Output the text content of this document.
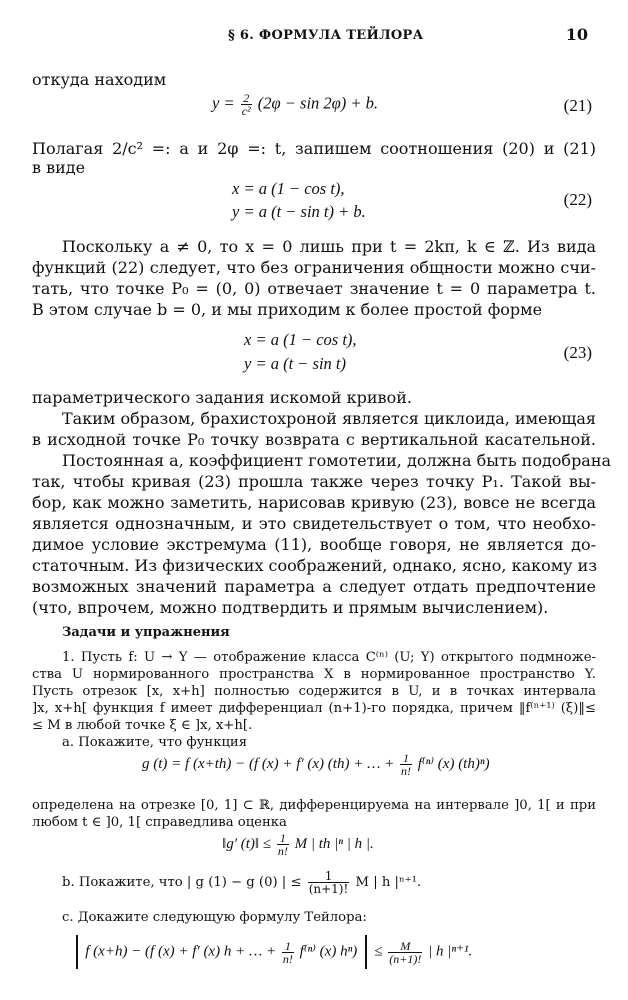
§ 6. ФОРМУЛА ТЕЙЛОРА	10
откуда находим
$y = \frac{2}{\text{c²}} (2\varphi - \sin 2\varphi) + b$.	(21)
Полагая 2/c² =: a и 2φ =: t, запишем соотношения (20) и (21)
в виде
x = a (1 − cos t),
y = a (t − sin t) + b.
(22)
Поскольку a ≠ 0, то x = 0 лишь при t = 2kπ, k ∈ ℤ. Из вида
функций (22) следует, что без ограничения общности можно счи-
тать, что точке P₀ = (0, 0) отвечает значение t = 0 параметра t.
В этом случае b = 0, и мы приходим к более простой форме
x = a (1 − cos t),
y = a (t − sin t)
(23)
параметрического задания искомой кривой.
Таким образом, брахистохроной является циклоида, имеющая
в исходной точке P₀ точку возврата с вертикальной касательной.
Постоянная a, коэффициент гомотетии, должна быть подобрана
так, чтобы кривая (23) прошла также через точку P₁. Такой вы-
бор, как можно заметить, нарисовав кривую (23), вовсе не всегда
является однозначным, и это свидетельствует о том, что необхо-
димое условие экстремума (11), вообще говоря, не является до-
статочным. Из физических соображений, однако, ясно, какому из
возможных значений параметра a следует отдать предпочтение
(что, впрочем, можно подтвердить и прямым вычислением).
Задачи и упражнения
1. Пусть f: U → Y — отображение класса C⁽ⁿ⁾ (U; Y) открытого подмноже-
ства U нормированного пространства X в нормированное пространство Y.
Пусть отрезок [x, x+h] полностью содержится в U, и в точках интервала
]x, x+h[ функция f имеет дифференциал (n+1)-го порядка, причем ‖f⁽ⁿ⁺¹⁾ (ξ)‖≤
≤ M в любой точке ξ ∈ ]x, x+h[.
a. Покажите, что функция
g (t) = f (x+th) − (f (x) + f′ (x) (th) + … + $\frac{1}{n!} f^{(n)}$ (x) (th)ⁿ)
определена на отрезке [0, 1] ⊂ ℝ, дифференцируема на интервале ]0, 1[ и при
любом t ∈ ]0, 1[ справедлива оценка
‖g′ (t)‖ ≤ $\frac{1}{n!}$ M | th |ⁿ | h |.
b. Покажите, что | g (1) − g (0) | ≤ $\frac{1}{(n+1)!}$ M | h |ⁿ⁺¹.
c. Докажите следующую формулу Тейлора:
f (x+h) − (f (x) + f′ (x) h + … + $\frac{1}{n!} f^{(n)}$ (x) $h^n) \le \frac{M}{(n+1)!}$ | h |ⁿ⁺¹.
